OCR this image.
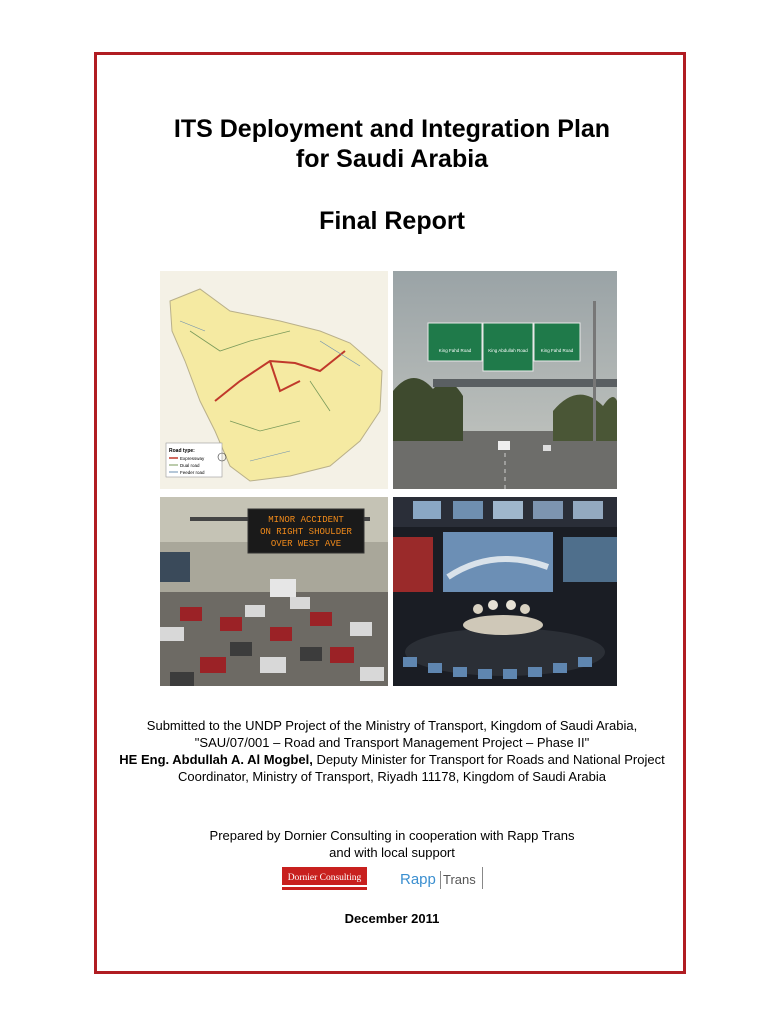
ITS Deployment and Integration Plan
for Saudi Arabia
Final Report
Road type:
Expressway
Dual road
Feeder road
King Fahd Road	King Abdullah Road	King Fahd Road
MINOR ACCIDENT
ON RIGHT SHOULDER
OVER WEST AVE
Submitted to the UNDP Project of the Ministry of Transport, Kingdom of Saudi Arabia,
"SAU/07/001 – Road and Transport Management Project – Phase II"
HE Eng. Abdullah A. Al Mogbel, Deputy Minister for Transport for Roads and National Project
Coordinator, Ministry of Transport, Riyadh 11178, Kingdom of Saudi Arabia
Prepared by Dornier Consulting in cooperation with Rapp Trans
and with local support
Dornier Consulting	Rapp Trans
December 2011
